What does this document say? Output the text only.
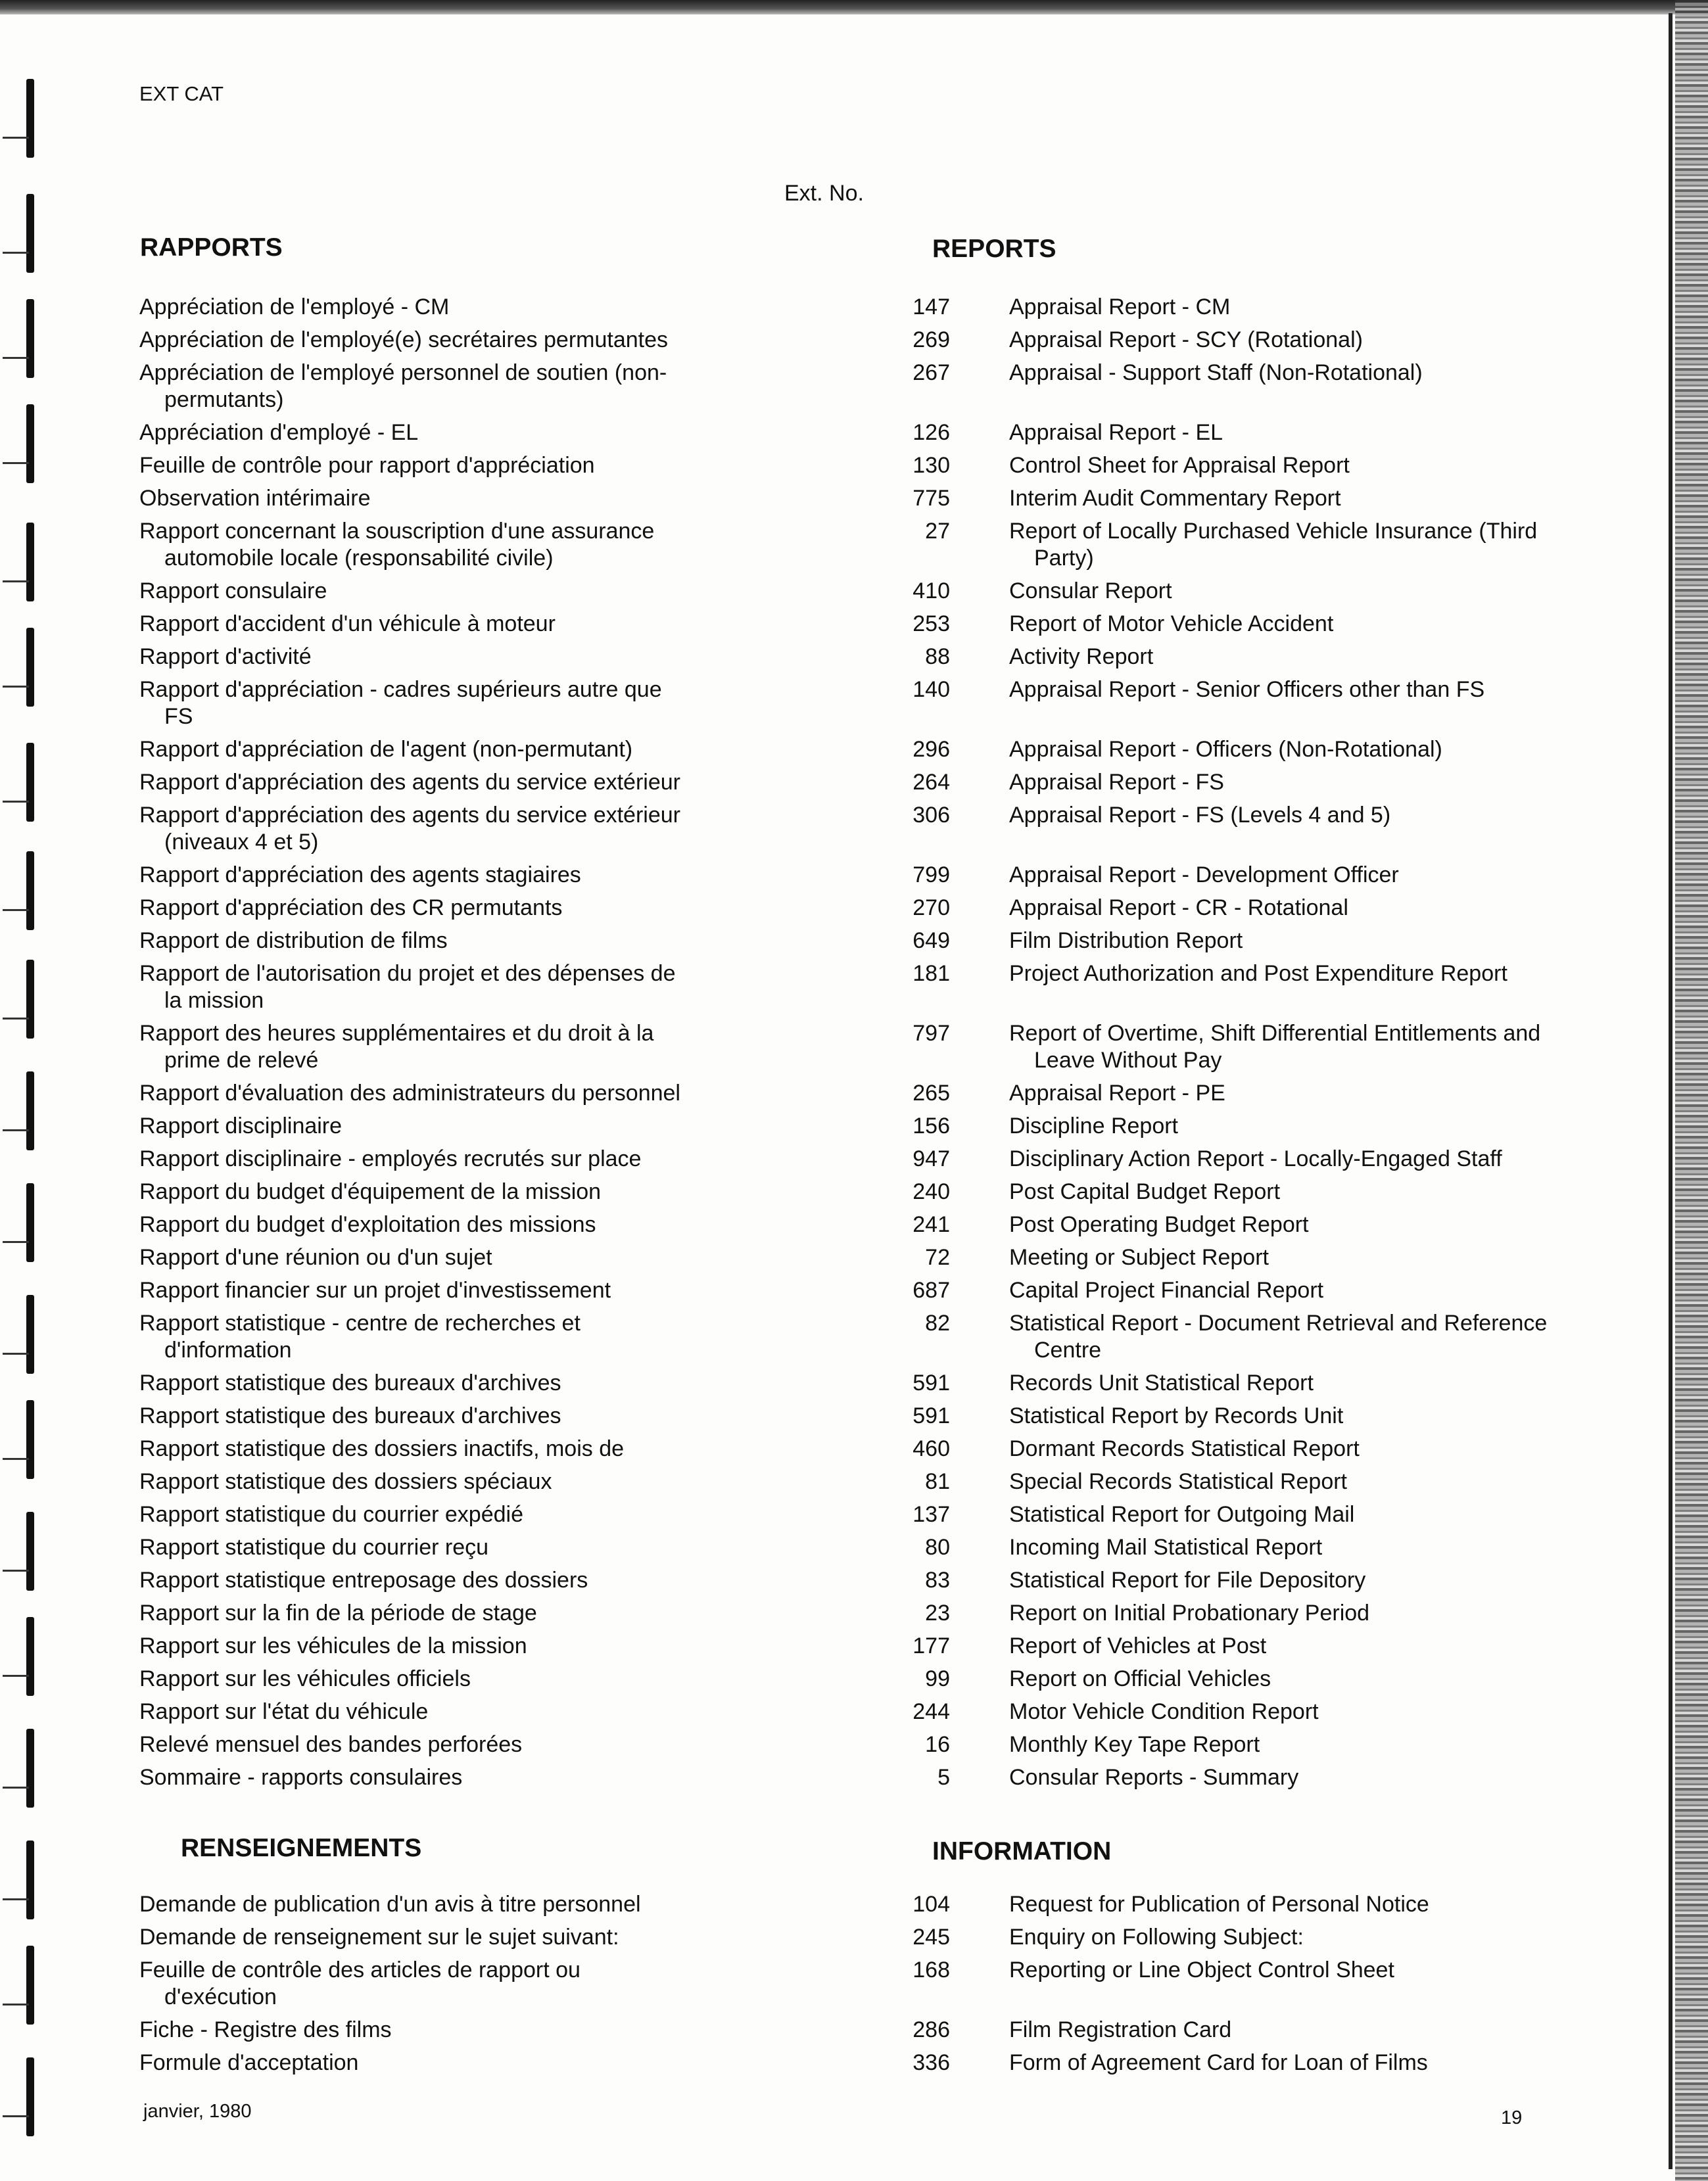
EXT CAT
Ext. No.
RAPPORTS	REPORTS
Appréciation de l'employé - CM	147	Appraisal Report - CM
Appréciation de l'employé(e) secrétaires permutantes	269	Appraisal Report - SCY (Rotational)
Appréciation de l'employé personnel de soutien (non-
permutants)
267	Appraisal - Support Staff (Non-Rotational)
Appréciation d'employé - EL	126	Appraisal Report - EL
Feuille de contrôle pour rapport d'appréciation	130	Control Sheet for Appraisal Report
Observation intérimaire	775	Interim Audit Commentary Report
Rapport concernant la souscription d'une assurance
automobile locale (responsabilité civile)
27	Report of Locally Purchased Vehicle Insurance (Third
Party)
Rapport consulaire	410	Consular Report
Rapport d'accident d'un véhicule à moteur	253	Report of Motor Vehicle Accident
Rapport d'activité	88	Activity Report
Rapport d'appréciation - cadres supérieurs autre que
FS
140	Appraisal Report - Senior Officers other than FS
Rapport d'appréciation de l'agent (non-permutant)	296	Appraisal Report - Officers (Non-Rotational)
Rapport d'appréciation des agents du service extérieur	264	Appraisal Report - FS
Rapport d'appréciation des agents du service extérieur
(niveaux 4 et 5)
306	Appraisal Report - FS (Levels 4 and 5)
Rapport d'appréciation des agents stagiaires	799	Appraisal Report - Development Officer
Rapport d'appréciation des CR permutants	270	Appraisal Report - CR - Rotational
Rapport de distribution de films	649	Film Distribution Report
Rapport de l'autorisation du projet et des dépenses de
la mission
181	Project Authorization and Post Expenditure Report
Rapport des heures supplémentaires et du droit à la
prime de relevé
797	Report of Overtime, Shift Differential Entitlements and
Leave Without Pay
Rapport d'évaluation des administrateurs du personnel	265	Appraisal Report - PE
Rapport disciplinaire	156	Discipline Report
Rapport disciplinaire - employés recrutés sur place	947	Disciplinary Action Report - Locally-Engaged Staff
Rapport du budget d'équipement de la mission	240	Post Capital Budget Report
Rapport du budget d'exploitation des missions	241	Post Operating Budget Report
Rapport d'une réunion ou d'un sujet	72	Meeting or Subject Report
Rapport financier sur un projet d'investissement	687	Capital Project Financial Report
Rapport statistique - centre de recherches et
d'information
82	Statistical Report - Document Retrieval and Reference
Centre
Rapport statistique des bureaux d'archives	591	Records Unit Statistical Report
Rapport statistique des bureaux d'archives	591	Statistical Report by Records Unit
Rapport statistique des dossiers inactifs, mois de	460	Dormant Records Statistical Report
Rapport statistique des dossiers spéciaux	81	Special Records Statistical Report
Rapport statistique du courrier expédié	137	Statistical Report for Outgoing Mail
Rapport statistique du courrier reçu	80	Incoming Mail Statistical Report
Rapport statistique entreposage des dossiers	83	Statistical Report for File Depository
Rapport sur la fin de la période de stage	23	Report on Initial Probationary Period
Rapport sur les véhicules de la mission	177	Report of Vehicles at Post
Rapport sur les véhicules officiels	99	Report on Official Vehicles
Rapport sur l'état du véhicule	244	Motor Vehicle Condition Report
Relevé mensuel des bandes perforées	16	Monthly Key Tape Report
Sommaire - rapports consulaires	5	Consular Reports - Summary
RENSEIGNEMENTS	INFORMATION
Demande de publication d'un avis à titre personnel	104	Request for Publication of Personal Notice
Demande de renseignement sur le sujet suivant:	245	Enquiry on Following Subject:
Feuille de contrôle des articles de rapport ou
d'exécution
168	Reporting or Line Object Control Sheet
Fiche - Registre des films	286	Film Registration Card
Formule d'acceptation	336	Form of Agreement Card for Loan of Films
janvier, 1980	19
